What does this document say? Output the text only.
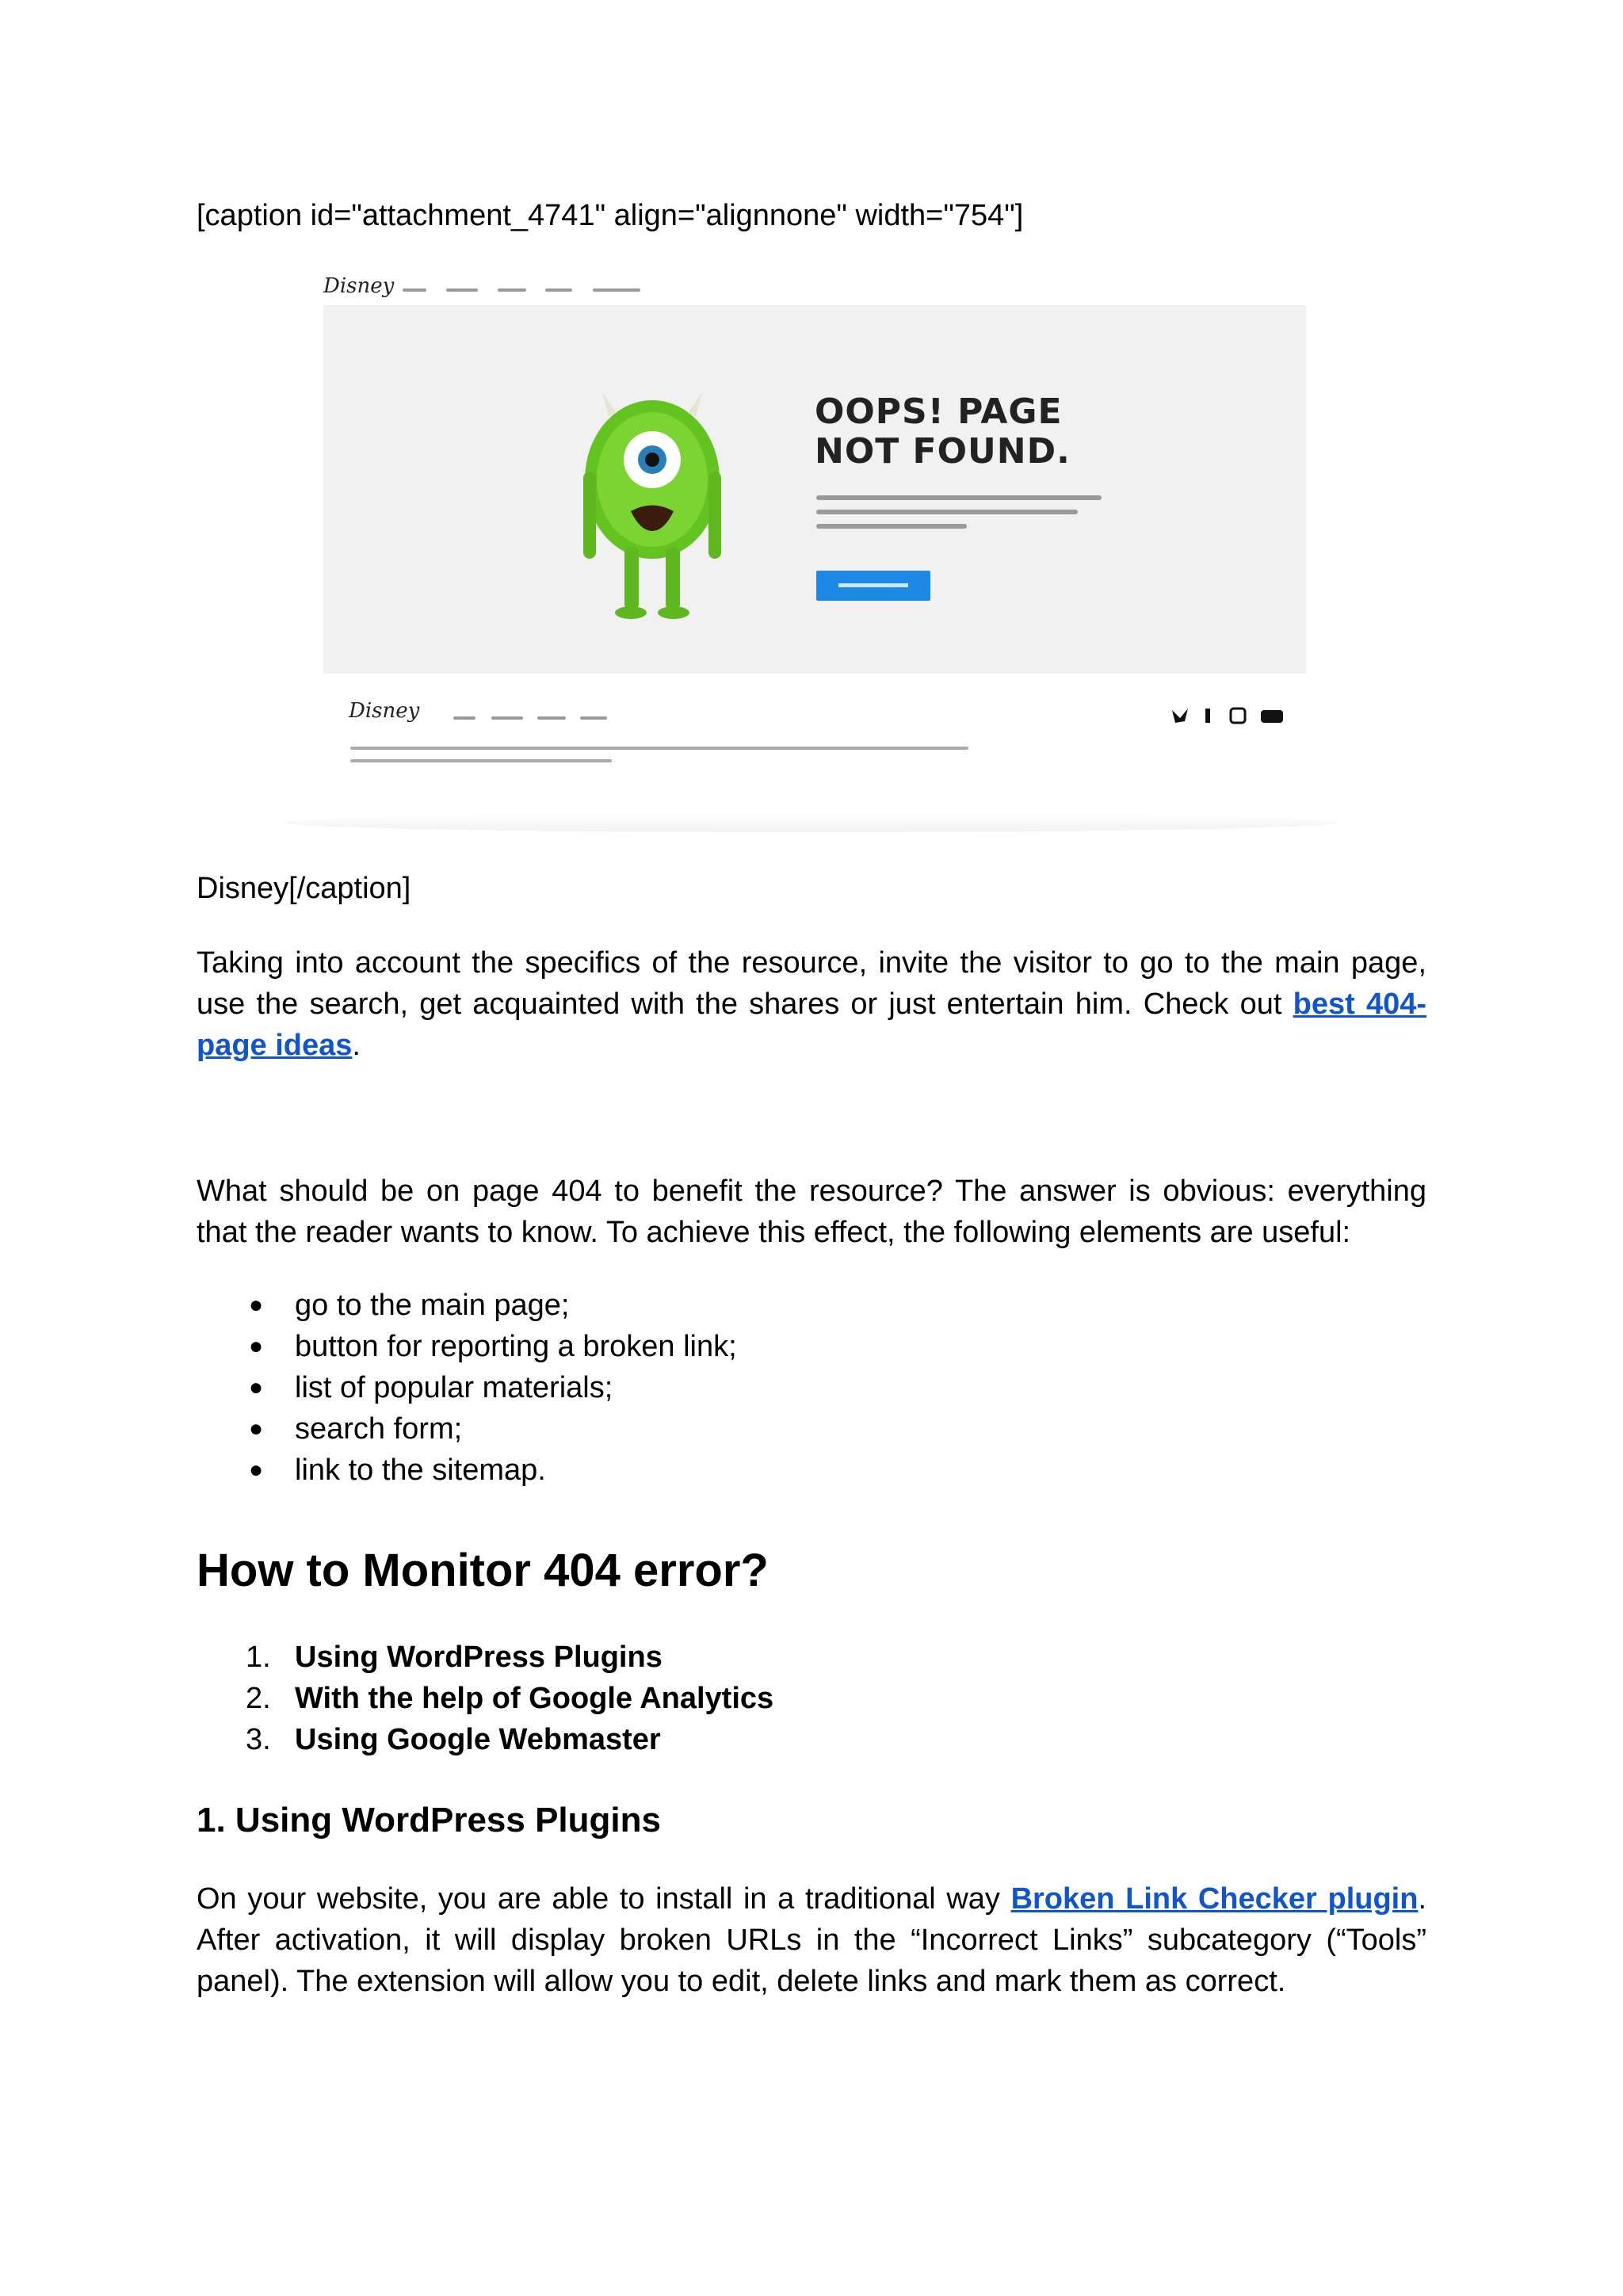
[caption id="attachment_4741" align="alignnone" width="754"]

Disney
OOPS! PAGE
NOT FOUND.
Disney

Disney[/caption]

Taking into account the specifics of the resource, invite the visitor to go to the main page, use the search, get acquainted with the shares or just entertain him. Check out best 404-page ideas.

What should be on page 404 to benefit the resource? The answer is obvious: everything that the reader wants to know. To achieve this effect, the following elements are useful:

● go to the main page;
● button for reporting a broken link;
● list of popular materials;
● search form;
● link to the sitemap.
How to Monitor 404 error?
1. Using WordPress Plugins
2. With the help of Google Analytics
3. Using Google Webmaster
1. Using WordPress Plugins

On your website, you are able to install in a traditional way Broken Link Checker plugin. After activation, it will display broken URLs in the “Incorrect Links” subcategory (“Tools” panel). The extension will allow you to edit, delete links and mark them as correct.
